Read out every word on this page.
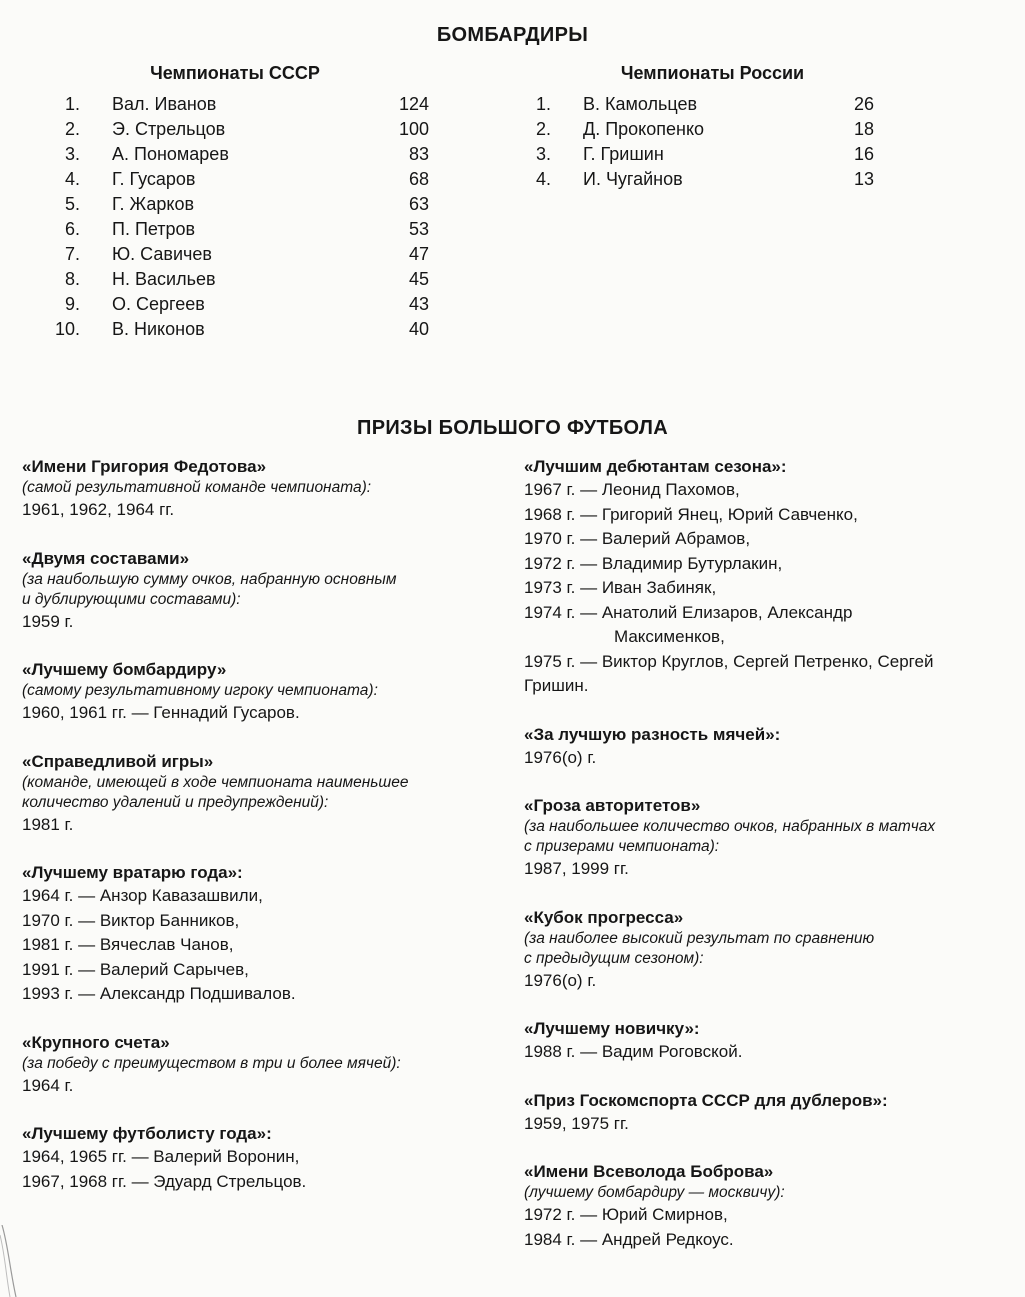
БОМБАРДИРЫ
Чемпионаты СССР	Чемпионаты России
1. Вал. Иванов	124
2. Э. Стрельцов	100
3. А. Пономарев	83
4. Г. Гусаров	68
5. Г. Жарков	63
6. П. Петров	53
7. Ю. Савичев	47
8. Н. Васильев	45
9. О. Сергеев	43
10. В. Никонов	40
1. В. Камольцев	26
2. Д. Прокопенко	18
3. Г. Гришин	16
4. И. Чугайнов	13
ПРИЗЫ БОЛЬШОГО ФУТБОЛА
«Имени Григория Федотова»
(самой результативной команде чемпионата):
1961, 1962, 1964 гг.
«Двумя составами»
(за наибольшую сумму очков, набранную основным
и дублирующими составами):
1959 г.
«Лучшему бомбардиру»
(самому результативному игроку чемпионата):
1960, 1961 гг. — Геннадий Гусаров.
«Справедливой игры»
(команде, имеющей в ходе чемпионата наименьшее
количество удалений и предупреждений):
1981 г.
«Лучшему вратарю года»:
1964 г. — Анзор Кавазашвили,
1970 г. — Виктор Банников,
1981 г. — Вячеслав Чанов,
1991 г. — Валерий Сарычев,
1993 г. — Александр Подшивалов.
«Крупного счета»
(за победу с преимуществом в три и более мячей):
1964 г.
«Лучшему футболисту года»:
1964, 1965 гг. — Валерий Воронин,
1967, 1968 гг. — Эдуард Стрельцов.
«Лучшим дебютантам сезона»:
1967 г. — Леонид Пахомов,
1968 г. — Григорий Янец, Юрий Савченко,
1970 г. — Валерий Абрамов,
1972 г. — Владимир Бутурлакин,
1973 г. — Иван Забиняк,
1974 г. — Анатолий Елизаров, Александр
Максименков,
1975 г. — Виктор Круглов, Сергей Петренко, Сергей
Гришин.
«За лучшую разность мячей»:
1976(о) г.
«Гроза авторитетов»
(за наибольшее количество очков, набранных в матчах
с призерами чемпионата):
1987, 1999 гг.
«Кубок прогресса»
(за наиболее высокий результат по сравнению
с предыдущим сезоном):
1976(о) г.
«Лучшему новичку»:
1988 г. — Вадим Роговской.
«Приз Госкомспорта СССР для дублеров»:
1959, 1975 гг.
«Имени Всеволода Боброва»
(лучшему бомбардиру — москвичу):
1972 г. — Юрий Смирнов,
1984 г. — Андрей Редкоус.
